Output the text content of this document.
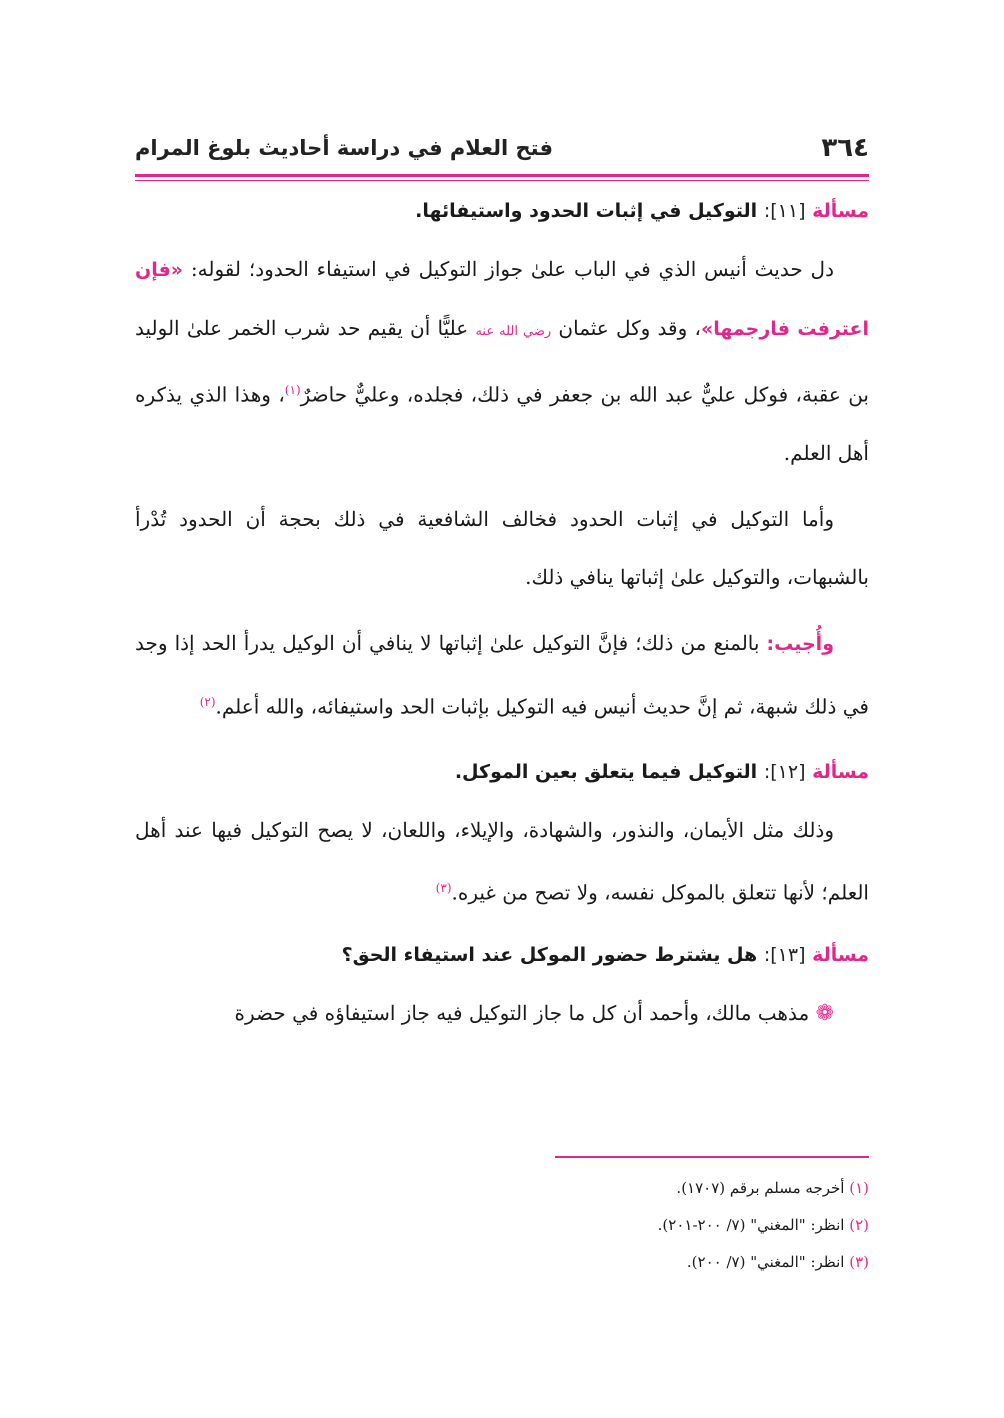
٣٦٤
فتح العلام في دراسة أحاديث بلوغ المرام

مسألة [١١]: التوكيل في إثبات الحدود واستيفائها.

دل حديث أنيس الذي في الباب علىٰ جواز التوكيل في استيفاء الحدود؛ لقوله: «فإن اعترفت فارجمها»، وقد وكل عثمان رضي الله عنه عليًّا أن يقيم حد شرب الخمر علىٰ الوليد بن عقبة، فوكل عليٌّ عبد الله بن جعفر في ذلك، فجلده، وعليٌّ حاضرٌ$^{(١)}$، وهذا الذي يذكره أهل العلم.

وأما التوكيل في إثبات الحدود فخالف الشافعية في ذلك بحجة أن الحدود تُدْرأ بالشبهات، والتوكيل علىٰ إثباتها ينافي ذلك.

وأُجيب: بالمنع من ذلك؛ فإنَّ التوكيل علىٰ إثباتها لا ينافي أن الوكيل يدرأ الحد إذا وجد في ذلك شبهة، ثم إنَّ حديث أنيس فيه التوكيل بإثبات الحد واستيفائه، والله أعلم.$^{(٢)}$

مسألة [١٢]: التوكيل فيما يتعلق بعين الموكل.

وذلك مثل الأيمان، والنذور، والشهادة، والإيلاء، واللعان، لا يصح التوكيل فيها عند أهل العلم؛ لأنها تتعلق بالموكل نفسه، ولا تصح من غيره.$^{(٣)}$

مسألة [١٣]: هل يشترط حضور الموكل عند استيفاء الحق؟

❁ مذهب مالك، وأحمد أن كل ما جاز التوكيل فيه جاز استيفاؤه في حضرة

(١) أخرجه مسلم برقم (١٧٠٧).
(٢) انظر: "المغني" (٧/ ٢٠٠-٢٠١).
(٣) انظر: "المغني" (٧/ ٢٠٠).
